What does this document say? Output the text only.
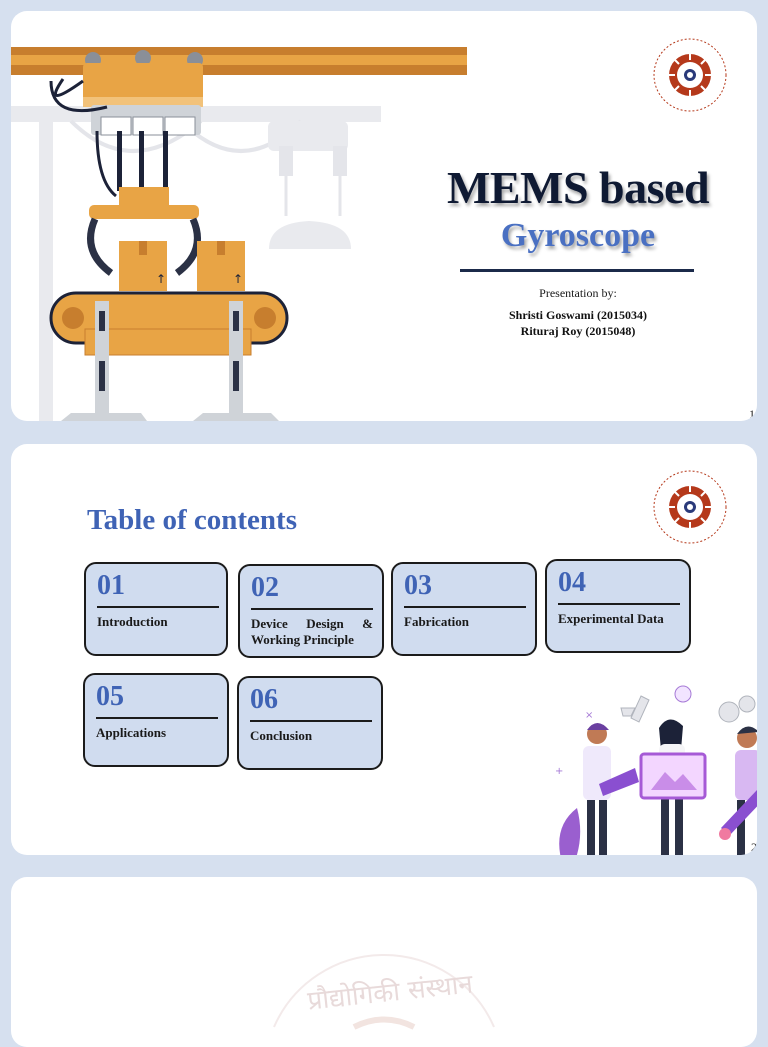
↑	↑
MEMS based
Gyroscope
Presentation by:
Shristi Goswami (2015034)
Rituraj Roy (2015048)
1
Table of contents
01
Introduction
02
Device Design & Working Principle
03
Fabrication
04
Experimental Data
05
Applications
06
Conclusion
×
+
2
प्रौद्योगिकी संस्थान
